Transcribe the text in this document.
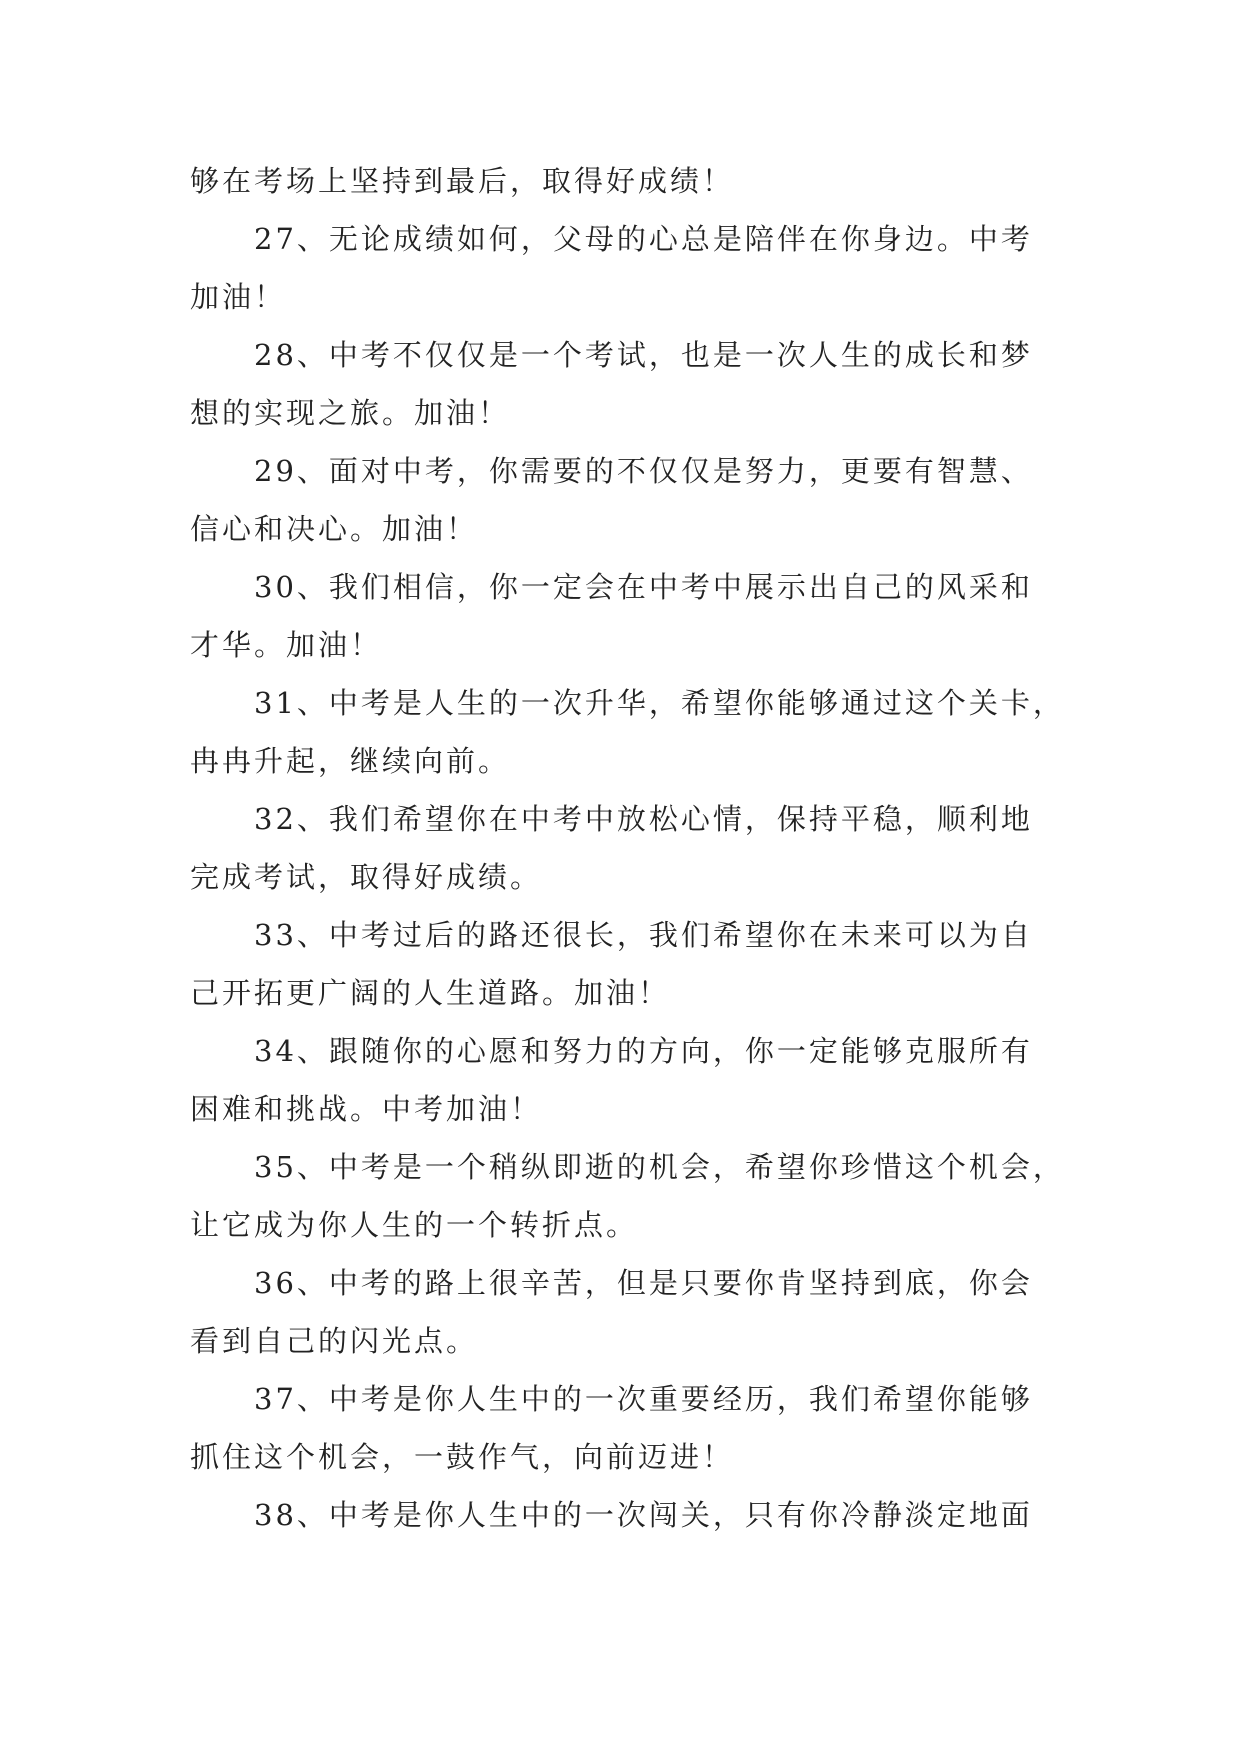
够在考场上坚持到最后，取得好成绩！
27、无论成绩如何，父母的心总是陪伴在你身边。中考
加油！
28、中考不仅仅是一个考试，也是一次人生的成长和梦
想的实现之旅。加油！
29、面对中考，你需要的不仅仅是努力，更要有智慧、
信心和决心。加油！
30、我们相信，你一定会在中考中展示出自己的风采和
才华。加油！
31、中考是人生的一次升华，希望你能够通过这个关卡，
冉冉升起，继续向前。
32、我们希望你在中考中放松心情，保持平稳，顺利地
完成考试，取得好成绩。
33、中考过后的路还很长，我们希望你在未来可以为自
己开拓更广阔的人生道路。加油！
34、跟随你的心愿和努力的方向，你一定能够克服所有
困难和挑战。中考加油！
35、中考是一个稍纵即逝的机会，希望你珍惜这个机会，
让它成为你人生的一个转折点。
36、中考的路上很辛苦，但是只要你肯坚持到底，你会
看到自己的闪光点。
37、中考是你人生中的一次重要经历，我们希望你能够
抓住这个机会，一鼓作气，向前迈进！
38、中考是你人生中的一次闯关，只有你冷静淡定地面
